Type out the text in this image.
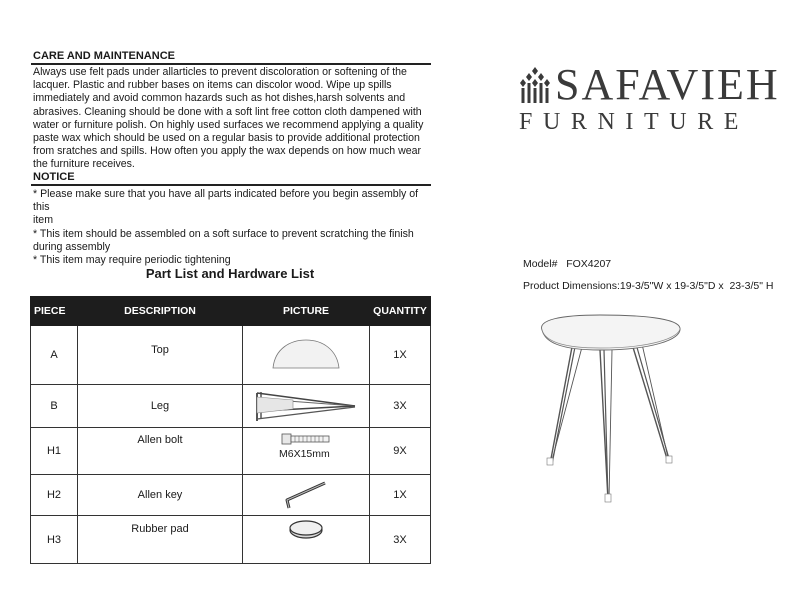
CARE AND MAINTENANCE
Always use felt pads under allarticles to prevent discoloration or softening of the
lacquer. Plastic and rubber bases on items can discolor wood. Wipe up spills
immediately and avoid common hazards such as hot dishes,harsh solvents and
abrasives. Cleaning should be done with a soft lint free cotton cloth dampened with
water or furniture polish. On highly used surfaces we recommend applying a quality
paste wax which should be used on a regular basis to provide additional protection
from sratches and spills. How often you apply the wax depends on how much wear
the furniture receives.
NOTICE
* Please make sure that you have all parts indicated before you begin assembly of this
item
* This item should be assembled on a soft surface to prevent scratching the finish
during assembly
* This item may require periodic tightening
Part List and Hardware List
PIECE	DESCRIPTION	PICTURE	QUANTITY
A	Top		1X
B	Leg		3X
H1	Allen bolt	M6X15mm	9X
H2	Allen key		1X
H3	Rubber pad		3X
SAFAVIEH
FURNITURE
Model#   FOX4207
Product Dimensions:19-3/5"W x 19-3/5"D x  23-3/5" H
